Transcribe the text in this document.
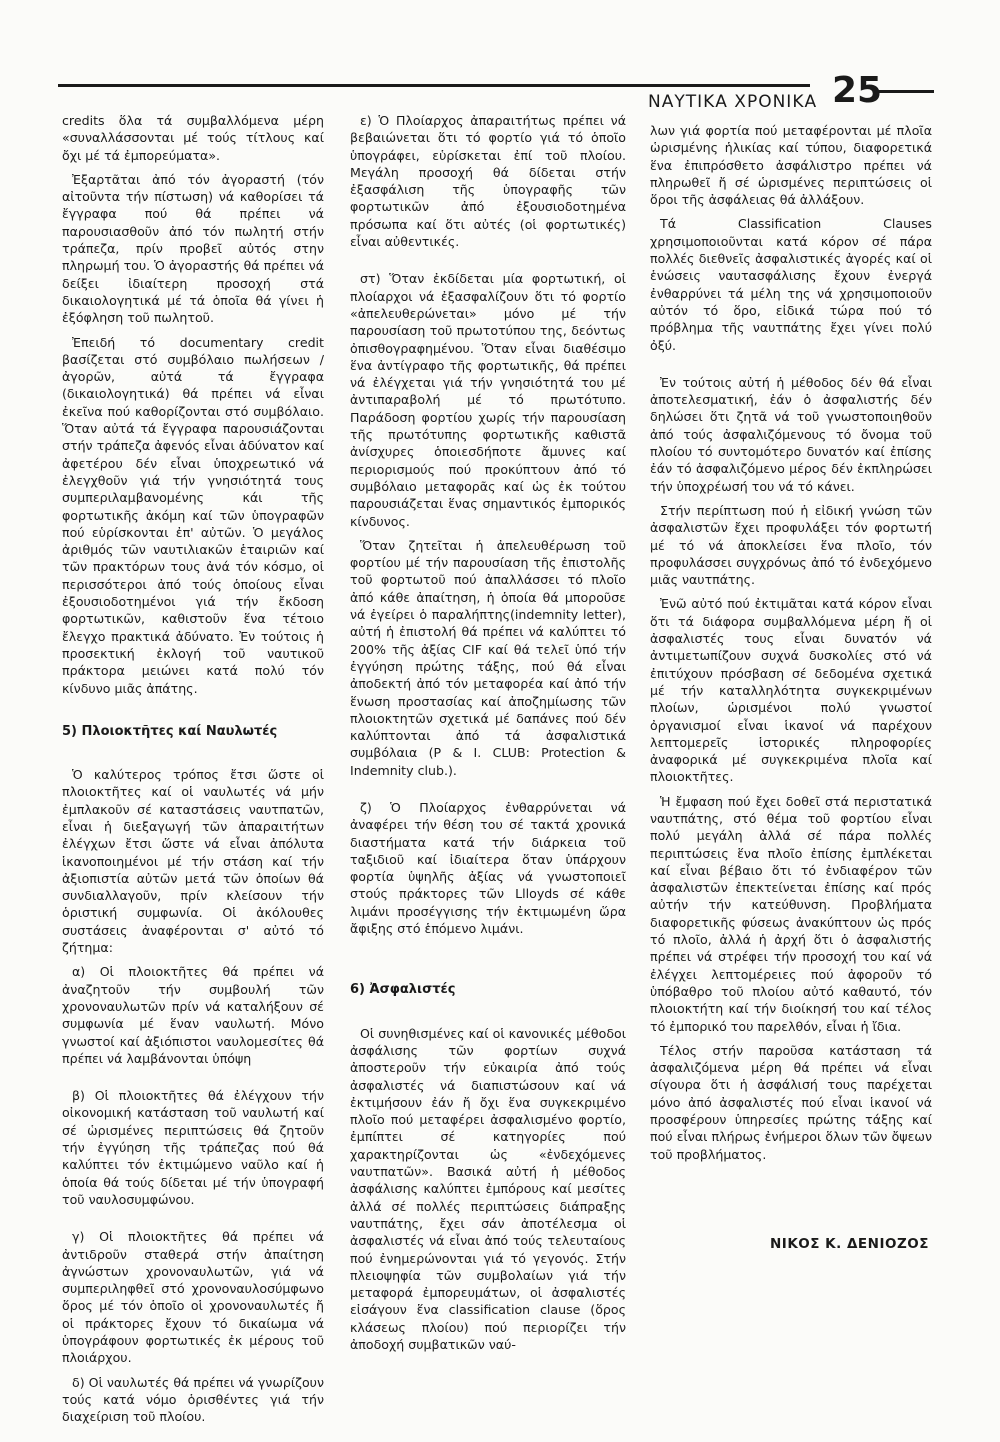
ΝΑΥΤΙΚΑ ΧΡΟΝΙΚΑ 25

credits ὅλα τά συμβαλλόμενα μέρη «συναλλάσσονται μέ τούς τίτλους καί ὄχι μέ τά ἐμπορεύματα».

Ἐξαρτᾶται ἀπό τόν ἀγοραστή (τόν αἰτοῦντα τήν πίστωση) νά καθορίσει τά ἔγγραφα πού θά πρέπει νά παρουσιασθοῦν ἀπό τόν πωλητή στήν τράπεζα, πρίν προβεῖ αὐτός στην πληρωμή του. Ὁ ἀγοραστής θά πρέπει νά δείξει ἰδιαίτερη προσοχή στά δικαιολογητικά μέ τά ὁποῖα θά γίνει ἡ ἐξόφληση τοῦ πωλητοῦ.

Ἐπειδή τό documentary credit βασίζεται στό συμβόλαιο πωλήσεων / ἀγορῶν, αὐτά τά ἔγγραφα (δικαιολογητικά) θά πρέπει νά εἶναι ἐκεῖνα πού καθορίζονται στό συμβόλαιο. Ὅταν αὐτά τά ἔγγραφα παρουσιάζονται στήν τράπεζα ἀφενός εἶναι ἀδύνατον καί ἀφετέρου δέν εἶναι ὑποχρεωτικό νά ἐλεγχθοῦν γιά τήν γνησιότητά τους συμπεριλαμβανομένης κάι τῆς φορτωτικῆς ἀκόμη καί τῶν ὑπογραφῶν πού εὑρίσκονται ἐπ' αὐτῶν. Ὁ μεγάλος ἀριθμός τῶν ναυτιλιακῶν ἑταιριῶν καί τῶν πρακτόρων τους ἀνά τόν κόσμο, οἱ περισσότεροι ἀπό τούς ὁποίους εἶναι ἐξουσιοδοτημένοι γιά τήν ἔκδοση φορτωτικῶν, καθιστοῦν ἕνα τέτοιο ἔλεγχο πρακτικά ἀδύνατο. Ἐν τούτοις ἡ προσεκτική ἐκλογή τοῦ ναυτικοῦ πράκτορα μειώνει κατά πολύ τόν κίνδυνο μιᾶς ἀπάτης.

5) Πλοιοκτῆτες καί Ναυλωτές

Ὁ καλύτερος τρόπος ἔτσι ὥστε οἱ πλοιοκτῆτες καί οἱ ναυλωτές νά μήν ἐμπλακοῦν σέ καταστάσεις ναυτπατῶν, εἶναι ἡ διεξαγωγή τῶν ἀπαραιτήτων ἐλέγχων ἔτσι ὥστε νά εἶναι ἀπόλυτα ἱκανοποιημένοι μέ τήν στάση καί τήν ἀξιοπιστία αὐτῶν μετά τῶν ὁποίων θά συνδιαλλαγοῦν, πρίν κλείσουν τήν ὁριστική συμφωνία. Οἱ ἀκόλουθες συστάσεις ἀναφέρονται σ' αὐτό τό ζήτημα:

α) Οἱ πλοιοκτῆτες θά πρέπει νά ἀναζητοῦν τήν συμβουλή τῶν χρονοναυλωτῶν πρίν νά καταλήξουν σέ συμφωνία μέ ἕναν ναυλωτή. Μόνο γνωστοί καί ἀξιόπιστοι ναυλομεσίτες θά πρέπει νά λαμβάνονται ὑπόψη

β) Οἱ πλοιοκτῆτες θά ἐλέγχουν τήν οἰκονομική κατάσταση τοῦ ναυλωτή καί σέ ὡρισμένες περιπτώσεις θά ζητοῦν τήν ἐγγύηση τῆς τράπεζας πού θά καλύπτει τόν ἐκτιμώμενο ναῦλο καί ἡ ὁποία θά τούς δίδεται μέ τήν ὑπογραφή τοῦ ναυλοσυμφώνου.

γ) Οἱ πλοιοκτῆτες θά πρέπει νά ἀντιδροῦν σταθερά στήν ἀπαίτηση ἀγνώστων χρονοναυλωτῶν, γιά νά συμπεριληφθεῖ στό χρονοναυλοσύμφωνο ὅρος μέ τόν ὁποῖο οἱ χρονοναυλωτές ἤ οἱ πράκτορες ἔχουν τό δικαίωμα νά ὑπογράφουν φορτωτικές ἐκ μέρους τοῦ πλοιάρχου.

δ) Οἱ ναυλωτές θά πρέπει νά γνωρίζουν τούς κατά νόμο ὁρισθέντες γιά τήν διαχείριση τοῦ πλοίου.

ε) Ὁ Πλοίαρχος ἀπαραιτήτως πρέπει νά βεβαιώνεται ὅτι τό φορτίο γιά τό ὁποῖο ὑπογράφει, εὑρίσκεται ἐπί τοῦ πλοίου. Μεγάλη προσοχή θά δίδεται στήν ἐξασφάλιση τῆς ὑπογραφῆς τῶν φορτωτικῶν ἀπό ἐξουσιοδοτημένα πρόσωπα καί ὅτι αὐτές (οἱ φορτωτικές) εἶναι αὐθεντικές.

στ) Ὅταν ἐκδίδεται μία φορτωτική, οἱ πλοίαρχοι νά ἐξασφαλίζουν ὅτι τό φορτίο «ἀπελευθερώνεται» μόνο μέ τήν παρουσίαση τοῦ πρωτοτύπου της, δεόντως ὀπισθογραφημένου. Ὅταν εἶναι διαθέσιμο ἕνα ἀντίγραφο τῆς φορτωτικῆς, θά πρέπει νά ἐλέγχεται γιά τήν γνησιότητά του μέ ἀντιπαραβολή μέ τό πρωτότυπο. Παράδοση φορτίου χωρίς τήν παρουσίαση τῆς πρωτότυπης φορτωτικῆς καθιστᾶ ἀνίσχυρες ὁποιεσδήποτε ἄμυνες καί περιορισμούς πού προκύπτουν ἀπό τό συμβόλαιο μεταφορᾶς καί ὡς ἐκ τούτου παρουσιάζεται ἕνας σημαντικός ἐμπορικός κίνδυνος.

Ὅταν ζητεῖται ἡ ἀπελευθέρωση τοῦ φορτίου μέ τήν παρουσίαση τῆς ἐπιστολῆς τοῦ φορτωτοῦ πού ἀπαλλάσσει τό πλοῖο ἀπό κάθε ἀπαίτηση, ἡ ὁποία θά μποροῦσε νά ἐγείρει ὁ παραλήπτης(indemnity letter), αὐτή ἡ ἐπιστολή θά πρέπει νά καλύπτει τό 200% τῆς ἀξίας CIF καί θά τελεῖ ὑπό τήν ἐγγύηση πρώτης τάξης, πού θά εἶναι ἀποδεκτή ἀπό τόν μεταφορέα καί ἀπό τήν ἕνωση προστασίας καί ἀποζημίωσης τῶν πλοιοκτητῶν σχετικά μέ δαπάνες πού δέν καλύπτονται ἀπό τά ἀσφαλιστικά συμβόλαια (P & I. CLUB: Protection & Indemnity club.).

ζ) Ὁ Πλοίαρχος ἐνθαρρύνεται νά ἀναφέρει τήν θέση του σέ τακτά χρονικά διαστήματα κατά τήν διάρκεια τοῦ ταξιδιοῦ καί ἰδιαίτερα ὅταν ὑπάρχουν φορτία ὑψηλῆς ἀξίας νά γνωστοποιεῖ στούς πράκτορες τῶν Llloyds σέ κάθε λιμάνι προσέγγισης τήν ἐκτιμωμένη ὥρα ἄφιξης στό ἑπόμενο λιμάνι.

6) Ἀσφαλιστές

Οἱ συνηθισμένες καί οἱ κανονικές μέθοδοι ἀσφάλισης τῶν φορτίων συχνά ἀποστεροῦν τήν εὐκαιρία ἀπό τούς ἀσφαλιστές νά διαπιστώσουν καί νά ἐκτιμήσουν ἐάν ἤ ὄχι ἕνα συγκεκριμένο πλοῖο πού μεταφέρει ἀσφαλισμένο φορτίο, ἐμπίπτει σέ κατηγορίες πού χαρακτηρίζονται ὡς «ἐνδεχόμενες ναυτπατῶν». Βασικά αὐτή ἡ μέθοδος ἀσφάλισης καλύπτει ἐμπόρους καί μεσίτες ἀλλά σέ πολλές περιπτώσεις διάπραξης ναυτπάτης, ἔχει σάν ἀποτέλεσμα οἱ ἀσφαλιστές νά εἶναι ἀπό τούς τελευταίους πού ἐνημερώνονται γιά τό γεγονός. Στήν πλειοψηφία τῶν συμβολαίων γιά τήν μεταφορά ἐμπορευμάτων, οἱ ἀσφαλιστές εἰσάγουν ἕνα classification clause (ὅρος κλάσεως πλοίου) πού περιορίζει τήν ἀποδοχή συμβατικῶν ναύ-

λων γιά φορτία πού μεταφέρονται μέ πλοῖα ὡρισμένης ἡλικίας καί τύπου, διαφορετικά ἕνα ἐπιπρόσθετο ἀσφάλιστρο πρέπει νά πληρωθεῖ ἤ σέ ὡρισμένες περιπτώσεις οἱ ὅροι τῆς ἀσφάλειας θά ἀλλάξουν.

Τά Classification Clauses χρησιμοποιοῦνται κατά κόρον σέ πάρα πολλές διεθνεῖς ἀσφαλιστικές ἀγορές καί οἱ ἑνώσεις ναυτασφάλισης ἔχουν ἐνεργά ἐνθαρρύνει τά μέλη της νά χρησιμοποιοῦν αὐτόν τό ὅρο, εἰδικά τώρα πού τό πρόβλημα τῆς ναυτπάτης ἔχει γίνει πολύ ὀξύ.

Ἐν τούτοις αὐτή ἡ μέθοδος δέν θά εἶναι ἀποτελεσματική, ἐάν ὁ ἀσφαλιστής δέν δηλώσει ὅτι ζητᾶ νά τοῦ γνωστοποιηθοῦν ἀπό τούς ἀσφαλιζόμενους τό ὄνομα τοῦ πλοίου τό συντομότερο δυνατόν καί ἐπίσης ἐάν τό ἀσφαλιζόμενο μέρος δέν ἐκπληρώσει τήν ὑποχρέωσή του νά τό κάνει.

Στήν περίπτωση πού ἡ εἰδική γνώση τῶν ἀσφαλιστῶν ἔχει προφυλάξει τόν φορτωτή μέ τό νά ἀποκλείσει ἕνα πλοῖο, τόν προφυλάσσει συγχρόνως ἀπό τό ἐνδεχόμενο μιᾶς ναυτπάτης.

Ἐνῶ αὐτό πού ἐκτιμᾶται κατά κόρον εἶναι ὅτι τά διάφορα συμβαλλόμενα μέρη ἤ οἱ ἀσφαλιστές τους εἶναι δυνατόν νά ἀντιμετωπίζουν συχνά δυσκολίες στό νά ἐπιτύχουν πρόσβαση σέ δεδομένα σχετικά μέ τήν καταλληλότητα συγκεκριμένων πλοίων, ὡρισμένοι πολύ γνωστοί ὀργανισμοί εἶναι ἱκανοί νά παρέχουν λεπτομερεῖς ἱστορικές πληροφορίες ἀναφορικά μέ συγκεκριμένα πλοῖα καί πλοιοκτῆτες.

Ἡ ἔμφαση πού ἔχει δοθεῖ στά περιστατικά ναυτπάτης, στό θέμα τοῦ φορτίου εἶναι πολύ μεγάλη ἀλλά σέ πάρα πολλές περιπτώσεις ἕνα πλοῖο ἐπίσης ἐμπλέκεται καί εἶναι βέβαιο ὅτι τό ἐνδιαφέρον τῶν ἀσφαλιστῶν ἐπεκτείνεται ἐπίσης καί πρός αὐτήν τήν κατεύθυνση. Προβλήματα διαφορετικῆς φύσεως ἀνακύπτουν ὡς πρός τό πλοῖο, ἀλλά ἡ ἀρχή ὅτι ὁ ἀσφαλιστής πρέπει νά στρέφει τήν προσοχή του καί νά ἐλέγχει λεπτομέρειες πού ἀφοροῦν τό ὑπόβαθρο τοῦ πλοίου αὐτό καθαυτό, τόν πλοιοκτήτη καί τήν διοίκησή του καί τέλος τό ἐμπορικό του παρελθόν, εἶναι ἡ ἴδια.

Τέλος στήν παροῦσα κατάσταση τά ἀσφαλιζόμενα μέρη θά πρέπει νά εἶναι σίγουρα ὅτι ἡ ἀσφάλισή τους παρέχεται μόνο ἀπό ἀσφαλιστές πού εἶναι ἱκανοί νά προσφέρουν ὑπηρεσίες πρώτης τάξης καί πού εἶναι πλήρως ἐνήμεροι ὅλων τῶν ὄψεων τοῦ προβλήματος.

ΝΙΚΟΣ Κ. ΔΕΝΙΟΖΟΣ
